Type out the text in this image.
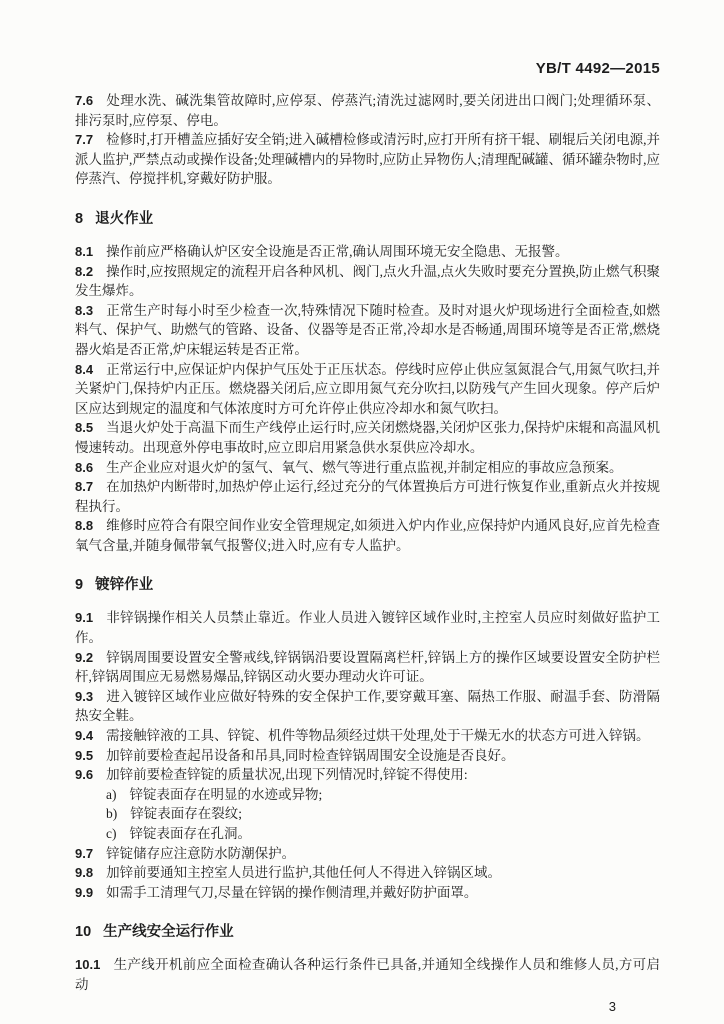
YB/T 4492—2015

7.6 处理水洗、碱洗集管故障时,应停泵、停蒸汽;清洗过滤网时,要关闭进出口阀门;处理循环泵、排污泵时,应停泵、停电。

7.7 检修时,打开槽盖应插好安全销;进入碱槽检修或清污时,应打开所有挤干辊、刷辊后关闭电源,并派人监护,严禁点动或操作设备;处理碱槽内的异物时,应防止异物伤人;清理配碱罐、循环罐杂物时,应停蒸汽、停搅拌机,穿戴好防护服。

8 退火作业

8.1 操作前应严格确认炉区安全设施是否正常,确认周围环境无安全隐患、无报警。

8.2 操作时,应按照规定的流程开启各种风机、阀门,点火升温,点火失败时要充分置换,防止燃气积聚发生爆炸。

8.3 正常生产时每小时至少检查一次,特殊情况下随时检查。及时对退火炉现场进行全面检查,如燃料气、保护气、助燃气的管路、设备、仪器等是否正常,冷却水是否畅通,周围环境等是否正常,燃烧器火焰是否正常,炉床辊运转是否正常。

8.4 正常运行中,应保证炉内保护气压处于正压状态。停线时应停止供应氢氮混合气,用氮气吹扫,并关紧炉门,保持炉内正压。燃烧器关闭后,应立即用氮气充分吹扫,以防残气产生回火现象。停产后炉区应达到规定的温度和气体浓度时方可允许停止供应冷却水和氮气吹扫。

8.5 当退火炉处于高温下而生产线停止运行时,应关闭燃烧器,关闭炉区张力,保持炉床辊和高温风机慢速转动。出现意外停电事故时,应立即启用紧急供水泵供应冷却水。

8.6 生产企业应对退火炉的氢气、氧气、燃气等进行重点监视,并制定相应的事故应急预案。

8.7 在加热炉内断带时,加热炉停止运行,经过充分的气体置换后方可进行恢复作业,重新点火并按规程执行。

8.8 维修时应符合有限空间作业安全管理规定,如须进入炉内作业,应保持炉内通风良好,应首先检查氧气含量,并随身佩带氧气报警仪;进入时,应有专人监护。

9 镀锌作业

9.1 非锌锅操作相关人员禁止靠近。作业人员进入镀锌区域作业时,主控室人员应时刻做好监护工作。

9.2 锌锅周围要设置安全警戒线,锌锅锅沿要设置隔离栏杆,锌锅上方的操作区域要设置安全防护栏杆,锌锅周围应无易燃易爆品,锌锅区动火要办理动火许可证。

9.3 进入镀锌区域作业应做好特殊的安全保护工作,要穿戴耳塞、隔热工作服、耐温手套、防滑隔热安全鞋。

9.4 需接触锌液的工具、锌锭、机件等物品须经过烘干处理,处于干燥无水的状态方可进入锌锅。

9.5 加锌前要检查起吊设备和吊具,同时检查锌锅周围安全设施是否良好。

9.6 加锌前要检查锌锭的质量状况,出现下列情况时,锌锭不得使用:

a) 锌锭表面存在明显的水迹或异物;

b) 锌锭表面存在裂纹;

c) 锌锭表面存在孔洞。

9.7 锌锭储存应注意防水防潮保护。

9.8 加锌前要通知主控室人员进行监护,其他任何人不得进入锌锅区域。

9.9 如需手工清理气刀,尽量在锌锅的操作侧清理,并戴好防护面罩。

10 生产线安全运行作业

10.1 生产线开机前应全面检查确认各种运行条件已具备,并通知全线操作人员和维修人员,方可启动

3
